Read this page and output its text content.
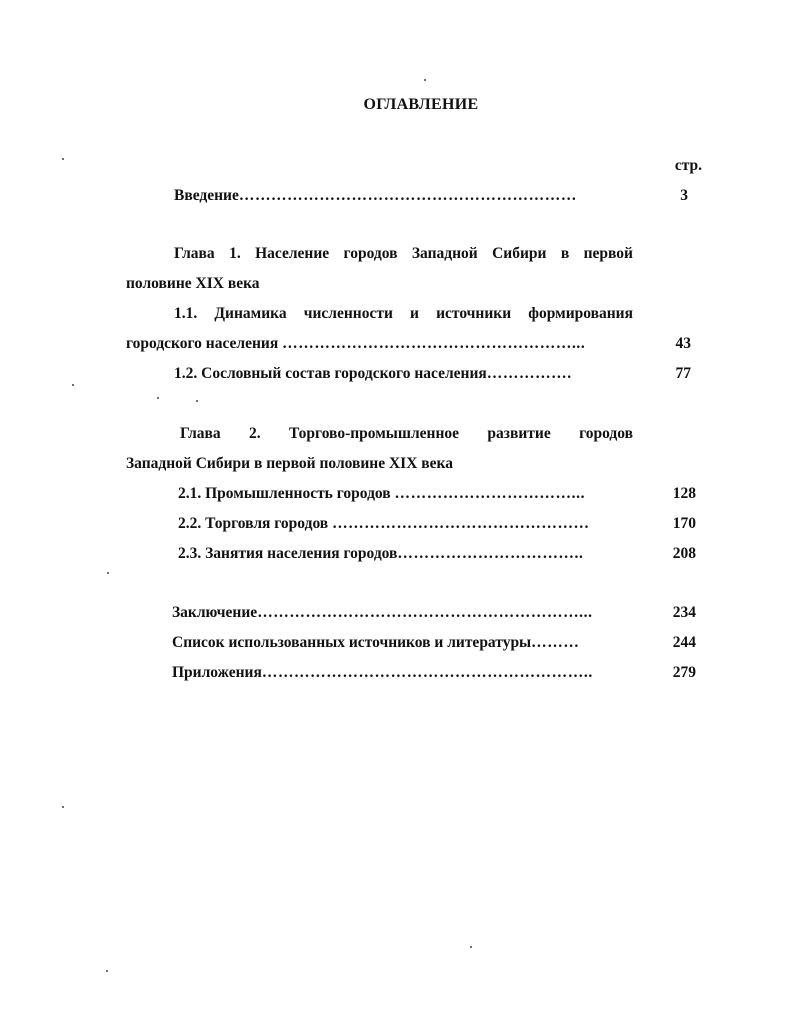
ОГЛАВЛЕНИЕ
стр.
Введение………………………………………………………	3
Глава 1. Население городов Западной Сибири в первой
половине XIX века
1.1. Динамика численности и источники формирования
городского населения ………………………………………………...	43
1.2. Сословный состав городского населения…………….	77
Глава 2. Торгово-промышленное развитие городов
Западной Сибири в первой половине XIX века
2.1. Промышленность городов ……………………………...	128
2.2. Торговля городов …………………………………………	170
2.3. Занятия населения городов……………………………..	208
Заключение……………………………………………………...	234
Список использованных источников и литературы………	244
Приложения……………………………………………………..	279
